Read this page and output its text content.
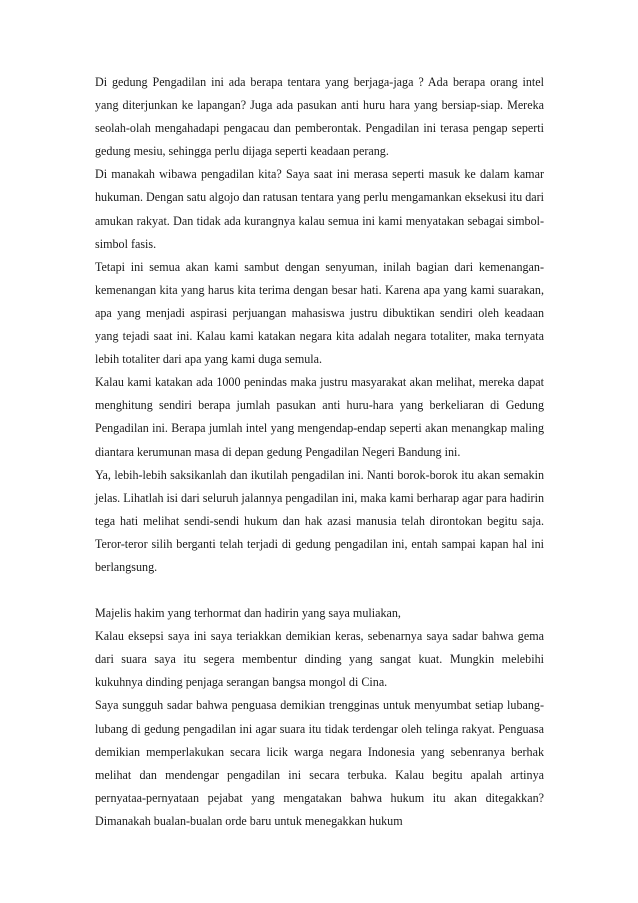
Di gedung Pengadilan ini ada berapa tentara yang berjaga-jaga ? Ada berapa orang intel yang diterjunkan ke lapangan? Juga ada pasukan anti huru hara yang bersiap-siap. Mereka seolah-olah mengahadapi pengacau dan pemberontak. Pengadilan ini terasa pengap seperti gedung mesiu, sehingga perlu dijaga seperti keadaan perang.

Di manakah wibawa pengadilan kita? Saya saat ini merasa seperti masuk ke dalam kamar hukuman. Dengan satu algojo dan ratusan tentara yang perlu mengamankan eksekusi itu dari amukan rakyat. Dan tidak ada kurangnya kalau semua ini kami menyatakan sebagai simbol-simbol fasis.

Tetapi ini semua akan kami sambut dengan senyuman, inilah bagian dari kemenangan-kemenangan kita yang harus kita terima dengan besar hati. Karena apa yang kami suarakan, apa yang menjadi aspirasi perjuangan mahasiswa justru dibuktikan sendiri oleh keadaan yang tejadi saat ini. Kalau kami katakan negara kita adalah negara totaliter, maka ternyata lebih totaliter dari apa yang kami duga semula.

Kalau kami katakan ada 1000 penindas maka justru masyarakat akan melihat, mereka dapat menghitung sendiri berapa jumlah pasukan anti huru-hara yang berkeliaran di Gedung Pengadilan ini. Berapa jumlah intel yang mengendap-endap seperti akan menangkap maling diantara kerumunan masa di depan gedung Pengadilan Negeri Bandung ini.

Ya, lebih-lebih saksikanlah dan ikutilah pengadilan ini. Nanti borok-borok itu akan semakin jelas. Lihatlah isi dari seluruh jalannya pengadilan ini, maka kami berharap agar para hadirin tega hati melihat sendi-sendi hukum dan hak azasi manusia telah dirontokan begitu saja. Teror-teror silih berganti telah terjadi di gedung pengadilan ini, entah sampai kapan hal ini berlangsung.

Majelis hakim yang terhormat dan hadirin yang saya muliakan,

Kalau eksepsi saya ini saya teriakkan demikian keras, sebenarnya saya sadar bahwa gema dari suara saya itu segera membentur dinding yang sangat kuat. Mungkin melebihi kukuhnya dinding penjaga serangan bangsa mongol di Cina.

Saya sungguh sadar bahwa penguasa demikian trengginas untuk menyumbat setiap lubang-lubang di gedung pengadilan ini agar suara itu tidak terdengar oleh telinga rakyat. Penguasa demikian memperlakukan secara licik warga negara Indonesia yang sebenranya berhak melihat dan mendengar pengadilan ini secara terbuka. Kalau begitu apalah artinya pernyataa-pernyataan pejabat yang mengatakan bahwa hukum itu akan ditegakkan? Dimanakah bualan-bualan orde baru untuk menegakkan hukum
